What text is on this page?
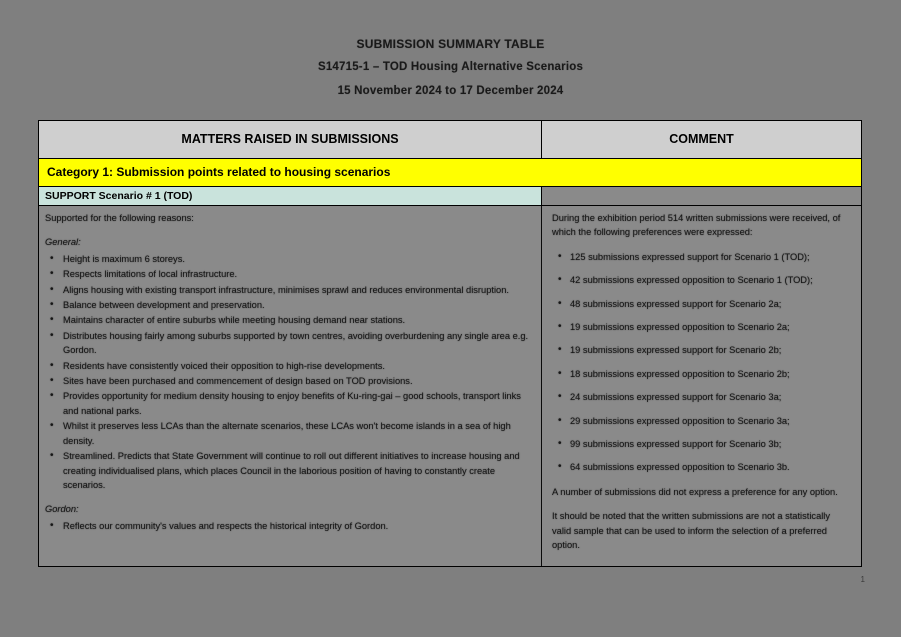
SUBMISSION SUMMARY TABLE
S14715-1 – TOD Housing Alternative Scenarios
15 November 2024 to 17 December 2024
MATTERS RAISED IN SUBMISSIONS	COMMENT
Category 1: Submission points related to housing scenarios
SUPPORT Scenario # 1 (TOD)

Supported for the following reasons:

General:

• Height is maximum 6 storeys.
• Respects limitations of local infrastructure.
• Aligns housing with existing transport infrastructure, minimises sprawl and reduces environmental disruption.
• Balance between development and preservation.
• Maintains character of entire suburbs while meeting housing demand near stations.
• Distributes housing fairly among suburbs supported by town centres, avoiding overburdening any single area e.g. Gordon.
• Residents have consistently voiced their opposition to high-rise developments.
• Sites have been purchased and commencement of design based on TOD provisions.
• Provides opportunity for medium density housing to enjoy benefits of Ku-ring-gai – good schools, transport links and national parks.
• Whilst it preserves less LCAs than the alternate scenarios, these LCAs won't become islands in a sea of high density.
• Streamlined. Predicts that State Government will continue to roll out different initiatives to increase housing and creating individualised plans, which places Council in the laborious position of having to constantly create scenarios.

Gordon:

• Reflects our community's values and respects the historical integrity of Gordon.

During the exhibition period 514 written submissions were received, of which the following preferences were expressed:

• 125 submissions expressed support for Scenario 1 (TOD);
• 42 submissions expressed opposition to Scenario 1 (TOD);
• 48 submissions expressed support for Scenario 2a;
• 19 submissions expressed opposition to Scenario 2a;
• 19 submissions expressed support for Scenario 2b;
• 18 submissions expressed opposition to Scenario 2b;
• 24 submissions expressed support for Scenario 3a;
• 29 submissions expressed opposition to Scenario 3a;
• 99 submissions expressed support for Scenario 3b;
• 64 submissions expressed opposition to Scenario 3b.

A number of submissions did not express a preference for any option.

It should be noted that the written submissions are not a statistically valid sample that can be used to inform the selection of a preferred option.

1
